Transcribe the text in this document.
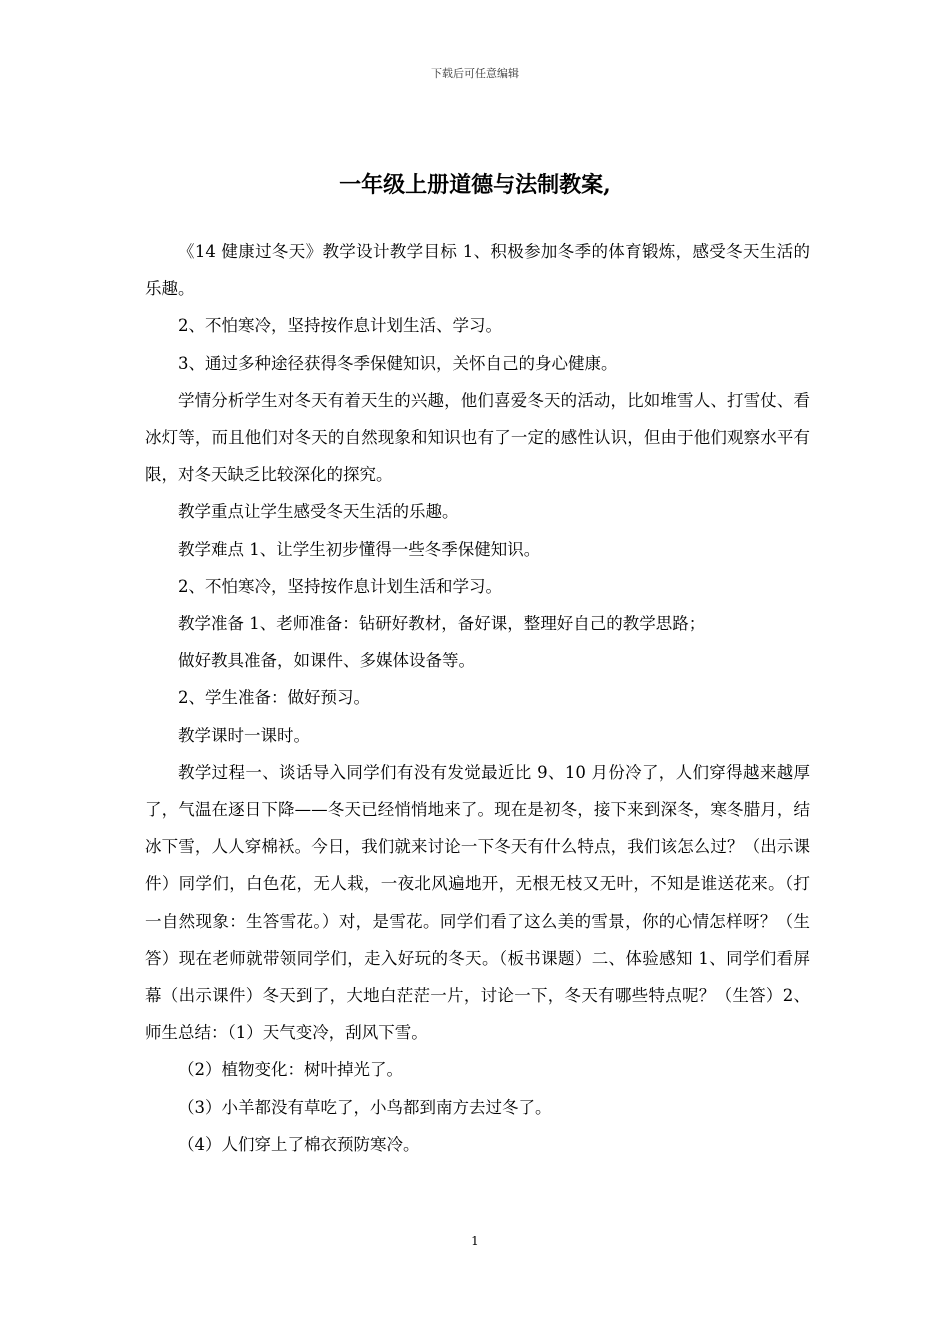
下载后可任意编辑
一年级上册道德与法制教案,

《14 健康过冬天》教学设计教学目标 1、积极参加冬季的体育锻炼，感受冬天生活的乐趣。

2、不怕寒冷，坚持按作息计划生活、学习。

3、通过多种途径获得冬季保健知识，关怀自己的身心健康。

学情分析学生对冬天有着天生的兴趣，他们喜爱冬天的活动，比如堆雪人、打雪仗、看冰灯等，而且他们对冬天的自然现象和知识也有了一定的感性认识，但由于他们观察水平有限，对冬天缺乏比较深化的探究。

教学重点让学生感受冬天生活的乐趣。

教学难点 1、让学生初步懂得一些冬季保健知识。

2、不怕寒冷，坚持按作息计划生活和学习。

教学准备 1、老师准备：钻研好教材，备好课，整理好自己的教学思路；

做好教具准备，如课件、多媒体设备等。

2、学生准备：做好预习。

教学课时一课时。

教学过程一、谈话导入同学们有没有发觉最近比 9、10 月份冷了，人们穿得越来越厚了，气温在逐日下降——冬天已经悄悄地来了。现在是初冬，接下来到深冬，寒冬腊月，结冰下雪，人人穿棉袄。今日，我们就来讨论一下冬天有什么特点，我们该怎么过？（出示课件）同学们，白色花，无人栽，一夜北风遍地开，无根无枝又无叶，不知是谁送花来。（打一自然现象：生答雪花。）对，是雪花。同学们看了这么美的雪景，你的心情怎样呀？（生答）现在老师就带领同学们，走入好玩的冬天。（板书课题）二、体验感知 1、同学们看屏幕（出示课件）冬天到了，大地白茫茫一片，讨论一下，冬天有哪些特点呢？（生答）2、师生总结：（1）天气变冷，刮风下雪。

（2）植物变化：树叶掉光了。

（3）小羊都没有草吃了，小鸟都到南方去过冬了。

（4）人们穿上了棉衣预防寒冷。

1
